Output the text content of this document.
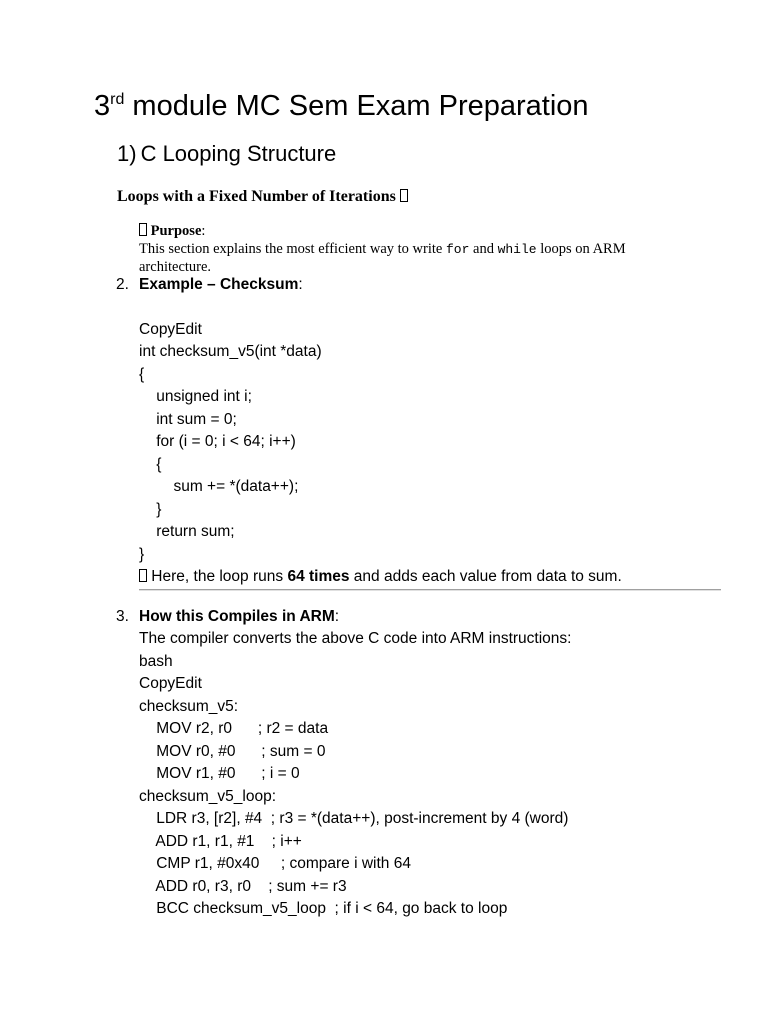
3rd module MC Sem Exam Preparation
1) C Looping Structure
Loops with a Fixed Number of Iterations
Purpose:
This section explains the most efficient way to write for and while loops on ARM
architecture.
2. Example – Checksum:
CopyEdit
int checksum_v5(int *data)
{
unsigned int i;
int sum = 0;
for (i = 0; i < 64; i++)
{
sum += *(data++);
}
return sum;
}
Here, the loop runs 64 times and adds each value from data to sum.
3. How this Compiles in ARM:
The compiler converts the above C code into ARM instructions:
bash
CopyEdit
checksum_v5:
MOV r2, r0      ; r2 = data
MOV r0, #0      ; sum = 0
MOV r1, #0      ; i = 0
checksum_v5_loop:
LDR r3, [r2], #4  ; r3 = *(data++), post-increment by 4 (word)
ADD r1, r1, #1    ; i++
CMP r1, #0x40     ; compare i with 64
ADD r0, r3, r0    ; sum += r3
BCC checksum_v5_loop  ; if i < 64, go back to loop
